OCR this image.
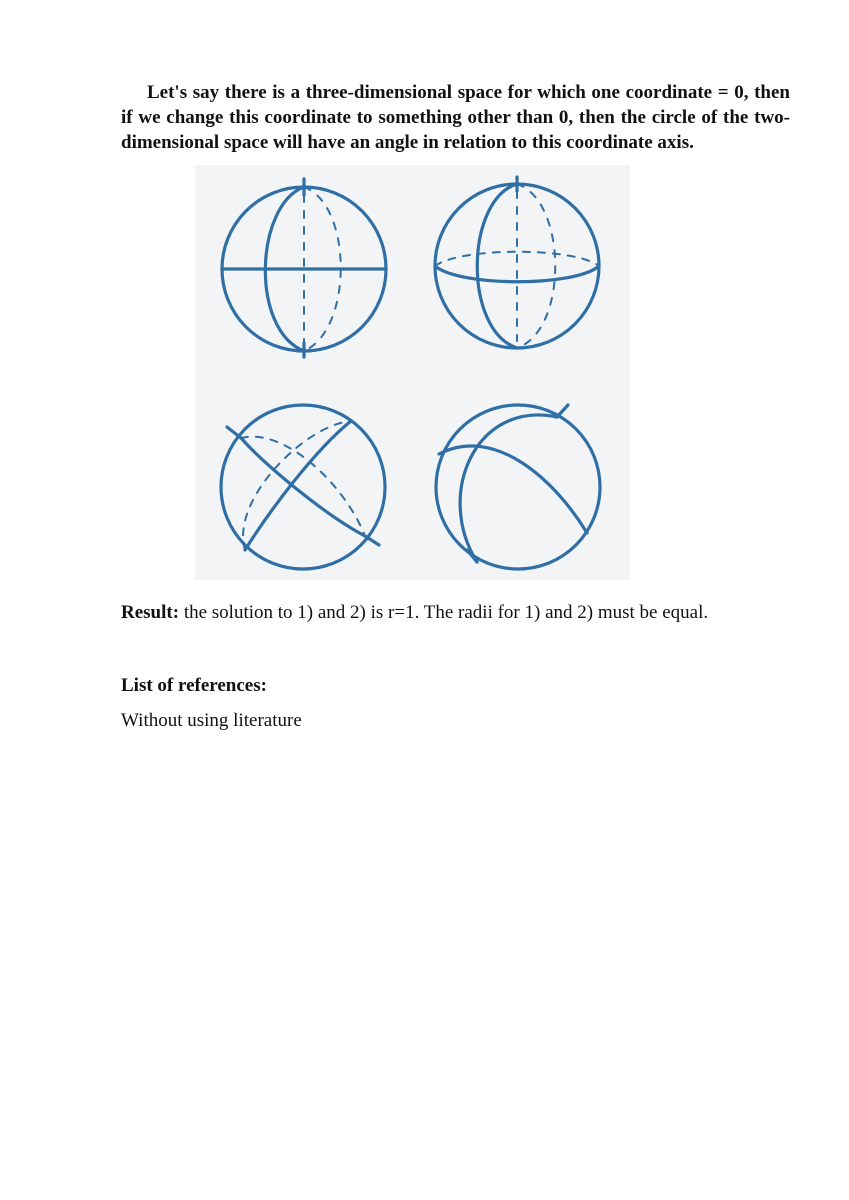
Let's say there is a three-dimensional space for which one coordinate = 0, then if we change this coordinate to something other than 0, then the circle of the two-dimensional space will have an angle in relation to this coordinate axis.

Result: the solution to 1) and 2) is r=1. The radii for 1) and 2) must be equal.

List of references:

Without using literature
